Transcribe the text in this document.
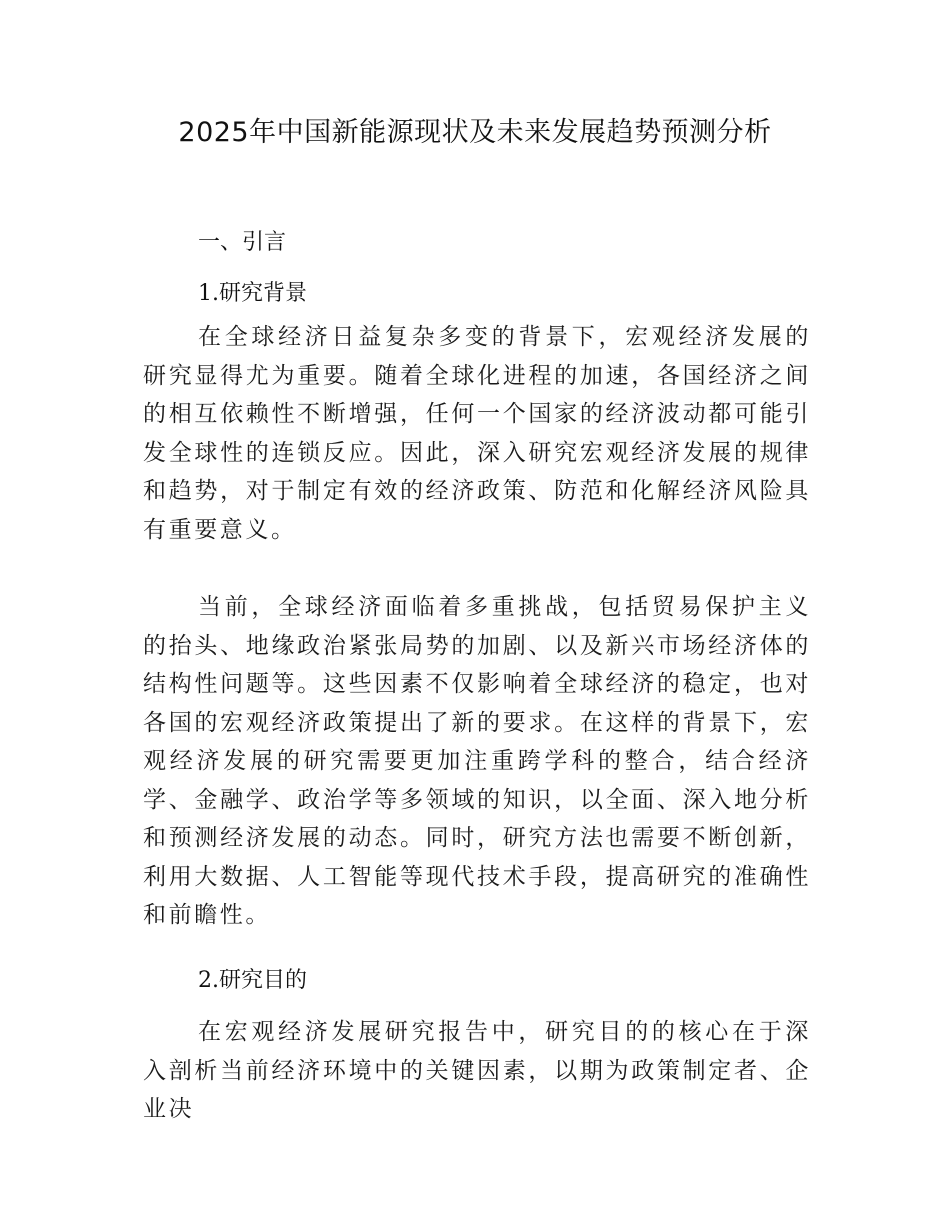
2025年中国新能源现状及未来发展趋势预测分析
一、引言
1.研究背景

在全球经济日益复杂多变的背景下，宏观经济发展的研究显得尤为重要。随着全球化进程的加速，各国经济之间的相互依赖性不断增强，任何一个国家的经济波动都可能引发全球性的连锁反应。因此，深入研究宏观经济发展的规律和趋势，对于制定有效的经济政策、防范和化解经济风险具有重要意义。

当前，全球经济面临着多重挑战，包括贸易保护主义的抬头、地缘政治紧张局势的加剧、以及新兴市场经济体的结构性问题等。这些因素不仅影响着全球经济的稳定，也对各国的宏观经济政策提出了新的要求。在这样的背景下，宏观经济发展的研究需要更加注重跨学科的整合，结合经济学、金融学、政治学等多领域的知识，以全面、深入地分析和预测经济发展的动态。同时，研究方法也需要不断创新，利用大数据、人工智能等现代技术手段，提高研究的准确性和前瞻性。

2.研究目的

在宏观经济发展研究报告中，研究目的的核心在于深入剖析当前经济环境中的关键因素，以期为政策制定者、企业决
